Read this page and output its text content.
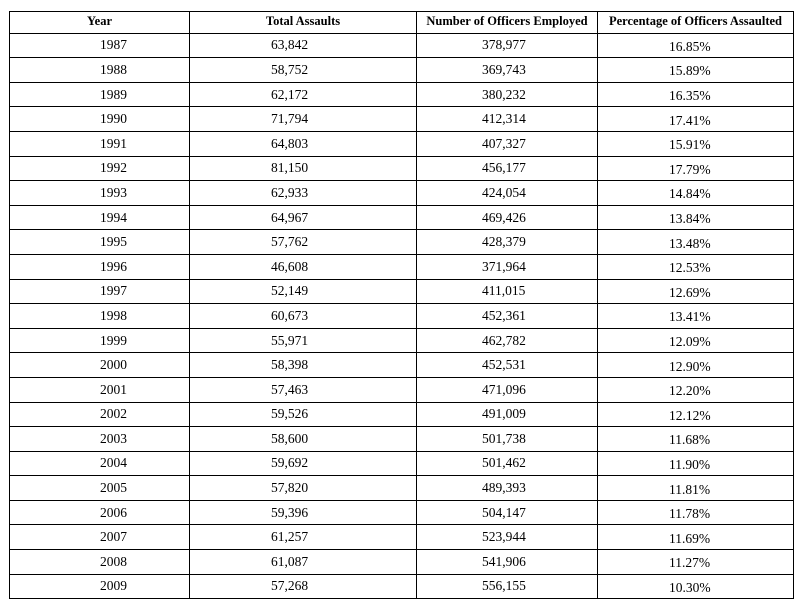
Year	Total Assaults	Number of Officers Employed	Percentage of Officers Assaulted
1987	63,842	378,977	16.85%
1988	58,752	369,743	15.89%
1989	62,172	380,232	16.35%
1990	71,794	412,314	17.41%
1991	64,803	407,327	15.91%
1992	81,150	456,177	17.79%
1993	62,933	424,054	14.84%
1994	64,967	469,426	13.84%
1995	57,762	428,379	13.48%
1996	46,608	371,964	12.53%
1997	52,149	411,015	12.69%
1998	60,673	452,361	13.41%
1999	55,971	462,782	12.09%
2000	58,398	452,531	12.90%
2001	57,463	471,096	12.20%
2002	59,526	491,009	12.12%
2003	58,600	501,738	11.68%
2004	59,692	501,462	11.90%
2005	57,820	489,393	11.81%
2006	59,396	504,147	11.78%
2007	61,257	523,944	11.69%
2008	61,087	541,906	11.27%
2009	57,268	556,155	10.30%
